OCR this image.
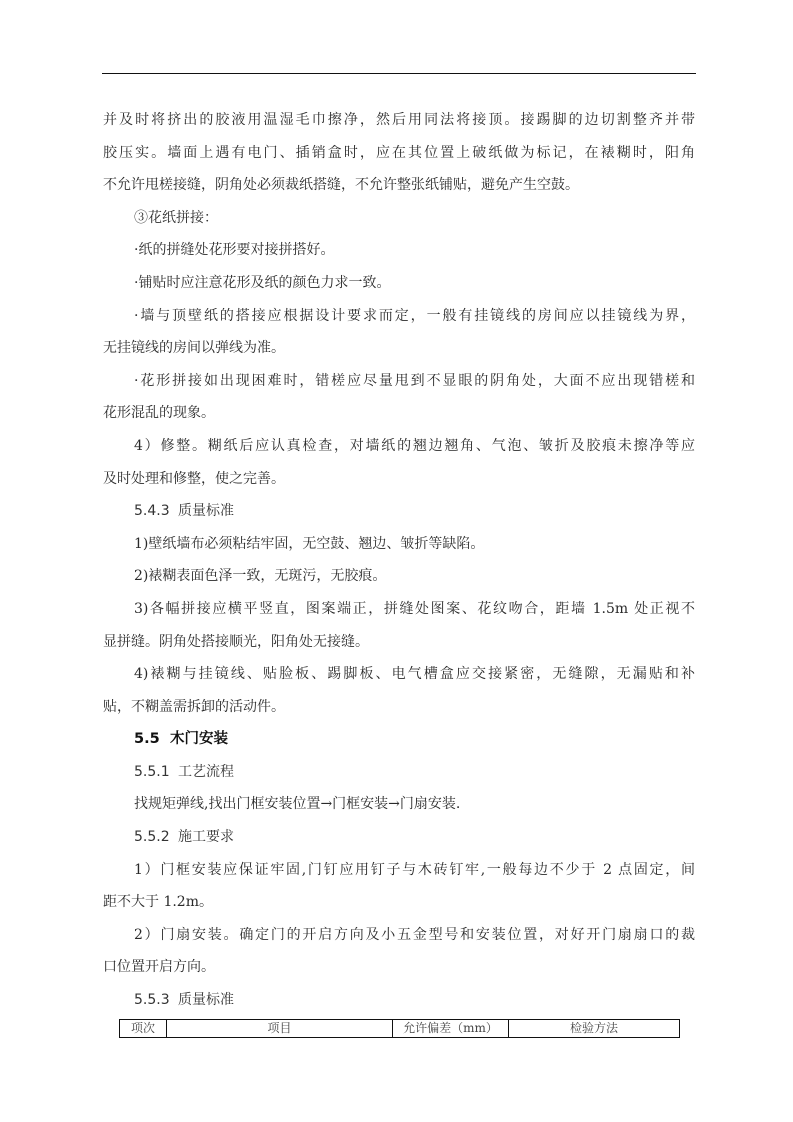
并及时将挤出的胶液用温湿毛巾擦净，然后用同法将接顶。接踢脚的边切割整齐并带
胶压实。墙面上遇有电门、插销盒时，应在其位置上破纸做为标记，在裱糊时，阳角
不允许甩槎接缝，阴角处必须裁纸搭缝，不允许整张纸铺贴，避免产生空鼓。
③花纸拼接：
·纸的拼缝处花形要对接拼搭好。
·铺贴时应注意花形及纸的颜色力求一致。
·墙与顶壁纸的搭接应根据设计要求而定，一般有挂镜线的房间应以挂镜线为界，
无挂镜线的房间以弹线为准。
·花形拼接如出现困难时，错槎应尽量甩到不显眼的阴角处，大面不应出现错槎和
花形混乱的现象。
4）修整。糊纸后应认真检查，对墙纸的翘边翘角、气泡、皱折及胶痕未擦净等应
及时处理和修整，使之完善。
5.4.3 质量标准
1)壁纸墙布必须粘结牢固，无空鼓、翘边、皱折等缺陷。
2)裱糊表面色泽一致，无斑污，无胶痕。
3)各幅拼接应横平竖直，图案端正，拼缝处图案、花纹吻合，距墙 1.5m 处正视不
显拼缝。阴角处搭接顺光，阳角处无接缝。
4)裱糊与挂镜线、贴脸板、踢脚板、电气槽盒应交接紧密，无缝隙，无漏贴和补
贴，不糊盖需拆卸的活动件。
5.5 木门安装
5.5.1 工艺流程
找规矩弹线,找出门框安装位置→门框安装→门扇安装.
5.5.2 施工要求
1）门框安装应保证牢固,门钉应用钉子与木砖钉牢,一般每边不少于 2 点固定，间
距不大于 1.2m。
2）门扇安装。确定门的开启方向及小五金型号和安装位置，对好开门扇扇口的裁
口位置开启方向。
5.5.3 质量标准
项次	项目	允许偏差（mm）	检验方法
